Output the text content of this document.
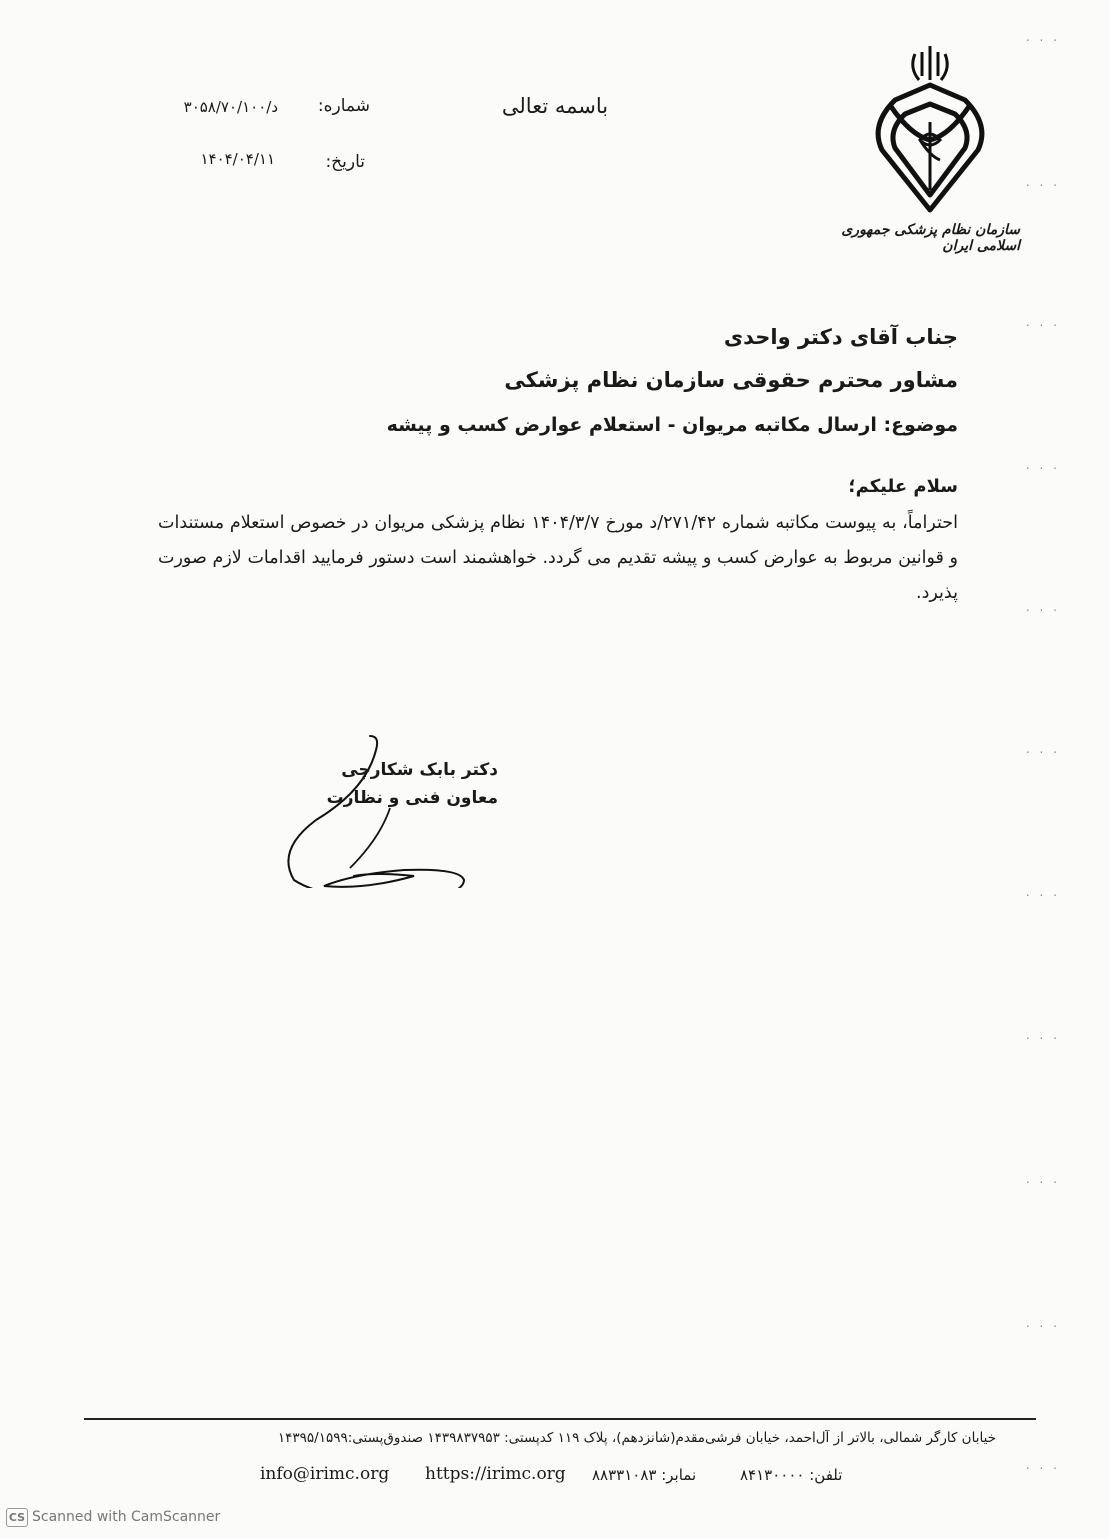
. . .
. . .
. . .
. . .
. . .
. . .
. . .
. . .
. . .
. . .
. . .
باسمه تعالی
شماره:
۳۰۵۸/۷۰/۱۰۰/د
تاریخ:
۱۴۰۴/۰۴/۱۱
سازمان نظام پزشکی جمهوری اسلامی ایران
جناب آقای دکتر واحدی
مشاور محترم حقوقی سازمان نظام پزشکی
موضوع: ارسال مکاتبه مریوان - استعلام عوارض کسب و پیشه
سلام علیکم؛
احتراماً، به پیوست مکاتبه شماره ۲۷۱/۴۲/د مورخ ۱۴۰۴/۳/۷ نظام پزشکی مریوان در خصوص استعلام مستندات و قوانین مربوط به عوارض کسب و پیشه تقدیم می گردد. خواهشمند است دستور فرمایید اقدامات لازم صورت پذیرد.
دکتر بابک شکارچی
معاون فنی و نظارت
خیابان کارگر شمالی، بالاتر از آل‌احمد، خیابان فرشی‌مقدم(شانزدهم)، پلاک ۱۱۹ کدپستی: ۱۴۳۹۸۳۷۹۵۳ صندوق‌پستی:۱۴۳۹۵/۱۵۹۹
info@irimc.org https://irimc.org نمابر: ۸۸۳۳۱۰۸۳	تلفن: ۸۴۱۳۰۰۰۰
CS Scanned with CamScanner
